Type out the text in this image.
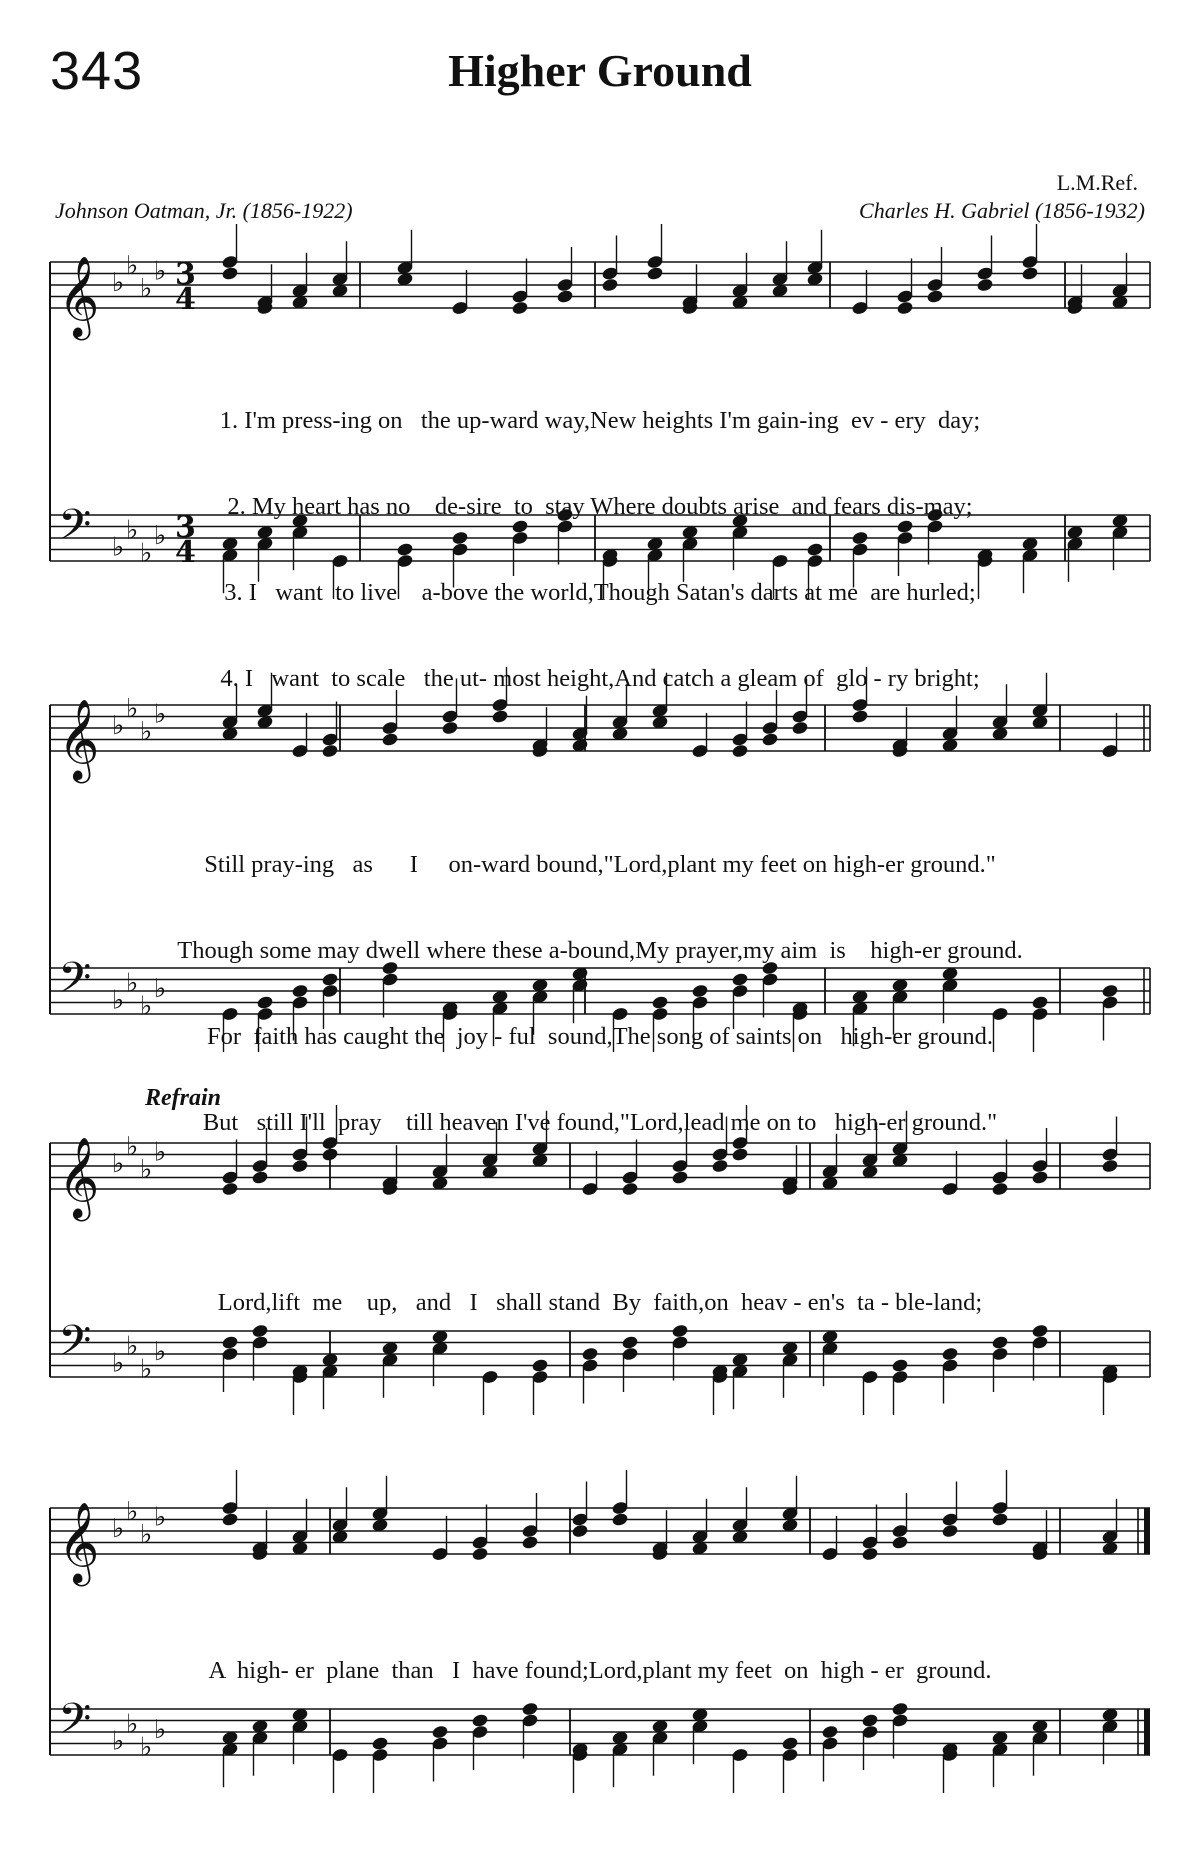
343	Higher Ground
L.M.Ref.
Johnson Oatman, Jr. (1856-1922)	Charles H. Gabriel (1856-1932)
Refrain
𝄞 ♭
♭
♭
♭ 3
4
𝄢 ♭
♭
♭
♭ 3
4
𝄞 ♭
♭
♭
♭
𝄢 ♭
♭
♭
♭
𝄞 ♭
♭
♭
♭
𝄢 ♭
♭
♭
♭
𝄞 ♭
♭
♭
♭
𝄢 ♭
♭
♭
♭

1. I'm press-ing on   the up-ward way,New heights I'm gain-ing  ev - ery  day;

2. My heart has no    de-sire  to  stay Where doubts arise  and fears dis-may;

3. I   want  to live    a-bove the world,Though Satan's darts at me  are hurled;

4. I   want  to scale   the ut- most height,And catch a gleam of  glo - ry bright;

Still pray-ing   as      I     on-ward bound,"Lord,plant my feet on high-er ground."

Though some may dwell where these a-bound,My prayer,my aim  is    high-er ground.

For  faith has caught the  joy - ful  sound,The song of saints on   high-er ground.

But   still I'll  pray    till heaven I've found,"Lord,lead me on to   high-er ground."

Lord,lift  me    up,   and   I   shall stand  By  faith,on  heav - en's  ta - ble-land;

A  high- er  plane  than   I  have found;Lord,plant my feet  on  high - er  ground.
